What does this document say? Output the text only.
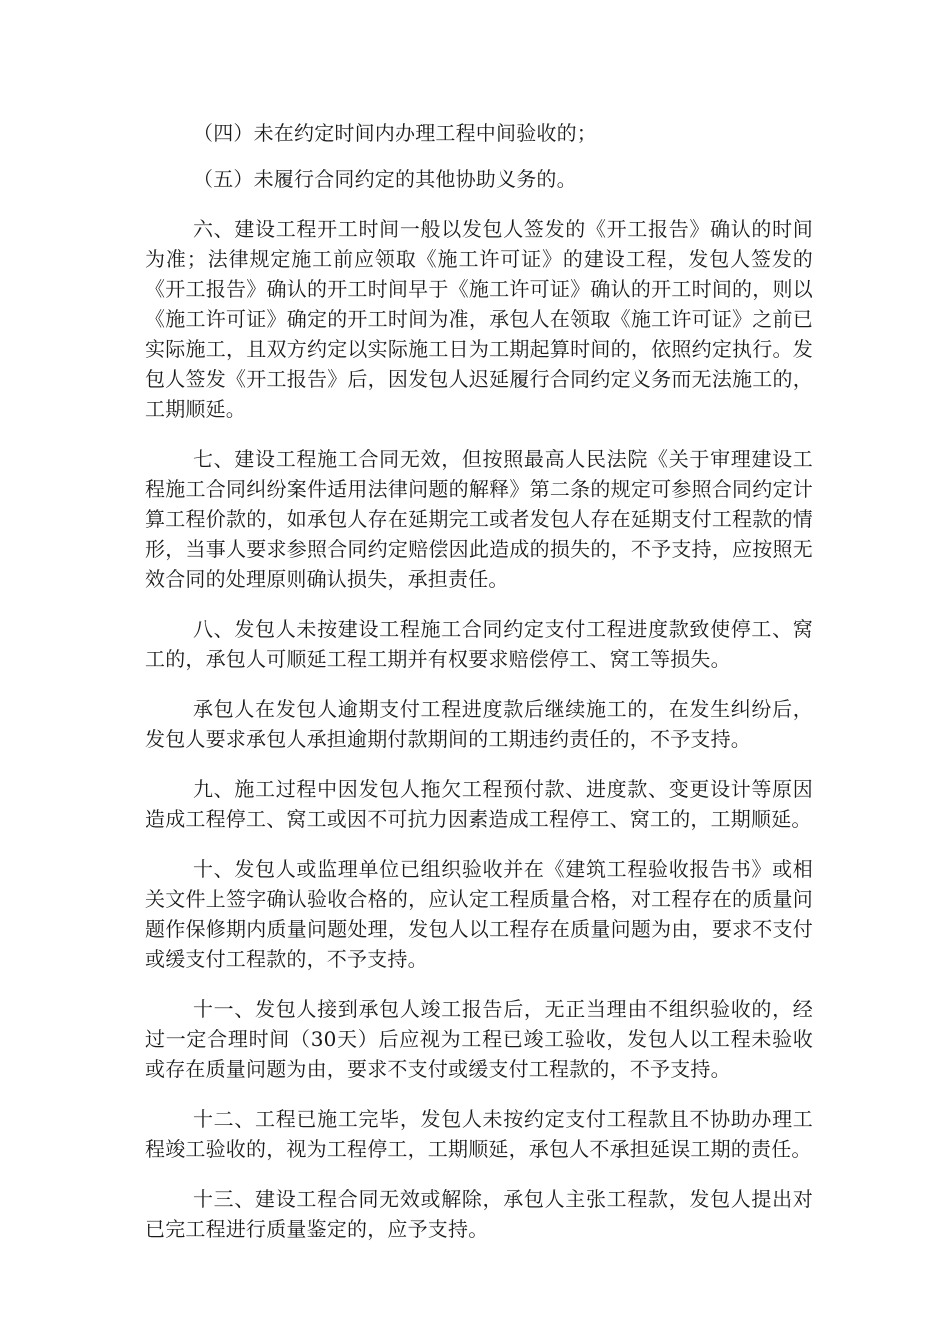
（四）未在约定时间内办理工程中间验收的；

（五）未履行合同约定的其他协助义务的。

六、建设工程开工时间一般以发包人签发的《开工报告》确认的时间为准；法律规定施工前应领取《施工许可证》的建设工程，发包人签发的《开工报告》确认的开工时间早于《施工许可证》确认的开工时间的，则以《施工许可证》确定的开工时间为准，承包人在领取《施工许可证》之前已实际施工，且双方约定以实际施工日为工期起算时间的，依照约定执行。发包人签发《开工报告》后，因发包人迟延履行合同约定义务而无法施工的，工期顺延。

七、建设工程施工合同无效，但按照最高人民法院《关于审理建设工程施工合同纠纷案件适用法律问题的解释》第二条的规定可参照合同约定计算工程价款的，如承包人存在延期完工或者发包人存在延期支付工程款的情形，当事人要求参照合同约定赔偿因此造成的损失的，不予支持，应按照无效合同的处理原则确认损失，承担责任。

八、发包人未按建设工程施工合同约定支付工程进度款致使停工、窝工的，承包人可顺延工程工期并有权要求赔偿停工、窝工等损失。

承包人在发包人逾期支付工程进度款后继续施工的，在发生纠纷后，发包人要求承包人承担逾期付款期间的工期违约责任的，不予支持。

九、施工过程中因发包人拖欠工程预付款、进度款、变更设计等原因造成工程停工、窝工或因不可抗力因素造成工程停工、窝工的，工期顺延。

十、发包人或监理单位已组织验收并在《建筑工程验收报告书》或相关文件上签字确认验收合格的，应认定工程质量合格，对工程存在的质量问题作保修期内质量问题处理，发包人以工程存在质量问题为由，要求不支付或缓支付工程款的，不予支持。

十一、发包人接到承包人竣工报告后，无正当理由不组织验收的，经过一定合理时间（30天）后应视为工程已竣工验收，发包人以工程未验收或存在质量问题为由，要求不支付或缓支付工程款的，不予支持。

十二、工程已施工完毕，发包人未按约定支付工程款且不协助办理工程竣工验收的，视为工程停工，工期顺延，承包人不承担延误工期的责任。

十三、建设工程合同无效或解除，承包人主张工程款，发包人提出对已完工程进行质量鉴定的，应予支持。
